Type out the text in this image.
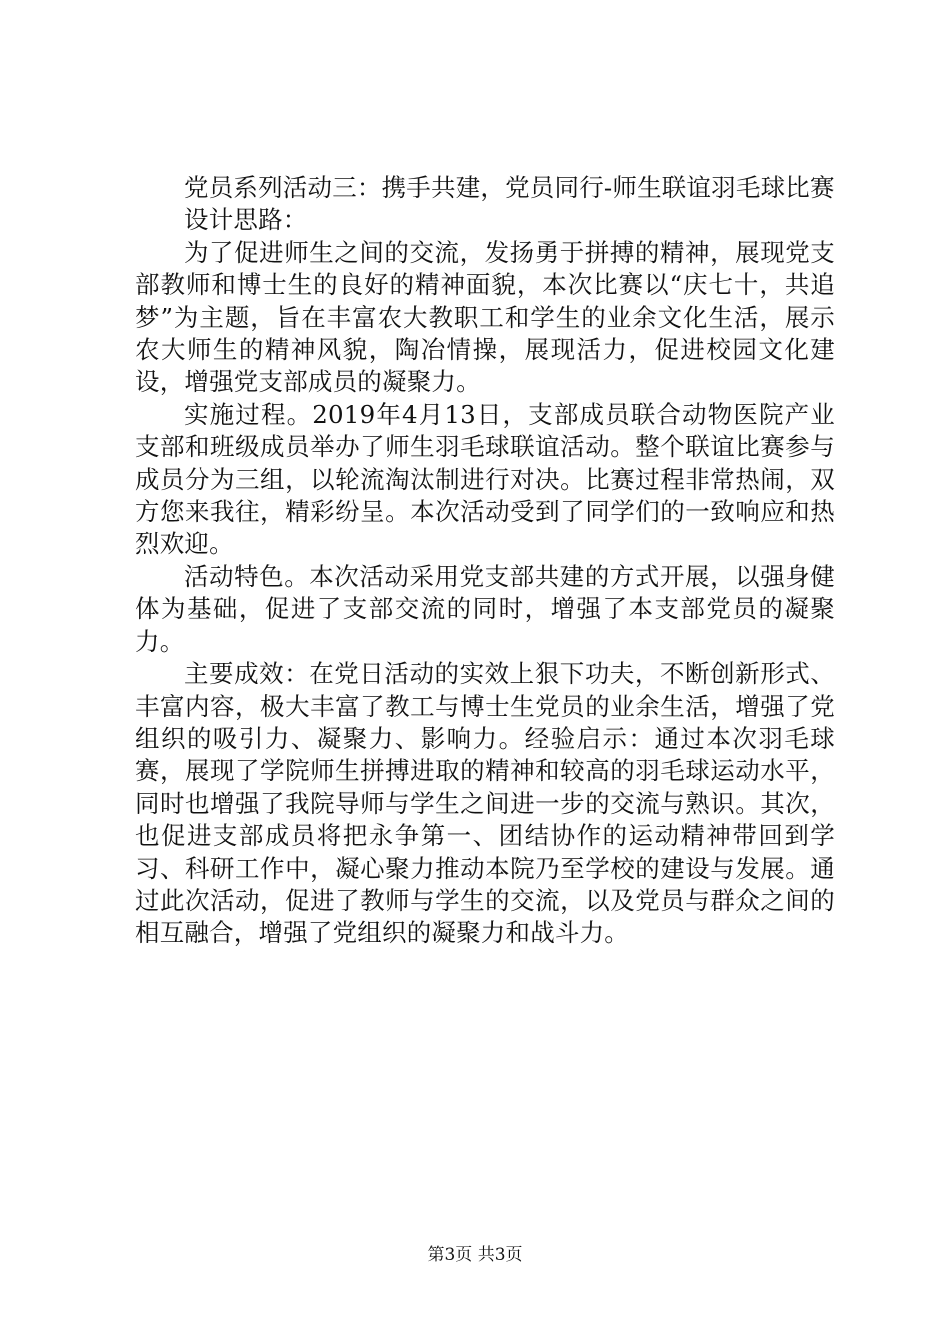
党员系列活动三：携手共建，党员同行-师生联谊羽毛球比赛

设计思路：

为了促进师生之间的交流，发扬勇于拼搏的精神，展现党支部教师和博士生的良好的精神面貌，本次比赛以“庆七十，共追梦”为主题，旨在丰富农大教职工和学生的业余文化生活，展示农大师生的精神风貌，陶冶情操，展现活力，促进校园文化建设，增强党支部成员的凝聚力。

实施过程。2019年4月13日，支部成员联合动物医院产业支部和班级成员举办了师生羽毛球联谊活动。整个联谊比赛参与成员分为三组，以轮流淘汰制进行对决。比赛过程非常热闹，双方您来我往，精彩纷呈。本次活动受到了同学们的一致响应和热烈欢迎。

活动特色。本次活动采用党支部共建的方式开展，以强身健体为基础，促进了支部交流的同时，增强了本支部党员的凝聚力。

主要成效：在党日活动的实效上狠下功夫，不断创新形式、丰富内容，极大丰富了教工与博士生党员的业余生活，增强了党组织的吸引力、凝聚力、影响力。经验启示：通过本次羽毛球赛，展现了学院师生拼搏进取的精神和较高的羽毛球运动水平，同时也增强了我院导师与学生之间进一步的交流与熟识。其次，也促进支部成员将把永争第一、团结协作的运动精神带回到学习、科研工作中，凝心聚力推动本院乃至学校的建设与发展。通过此次活动，促进了教师与学生的交流，以及党员与群众之间的相互融合，增强了党组织的凝聚力和战斗力。

第3页 共3页
